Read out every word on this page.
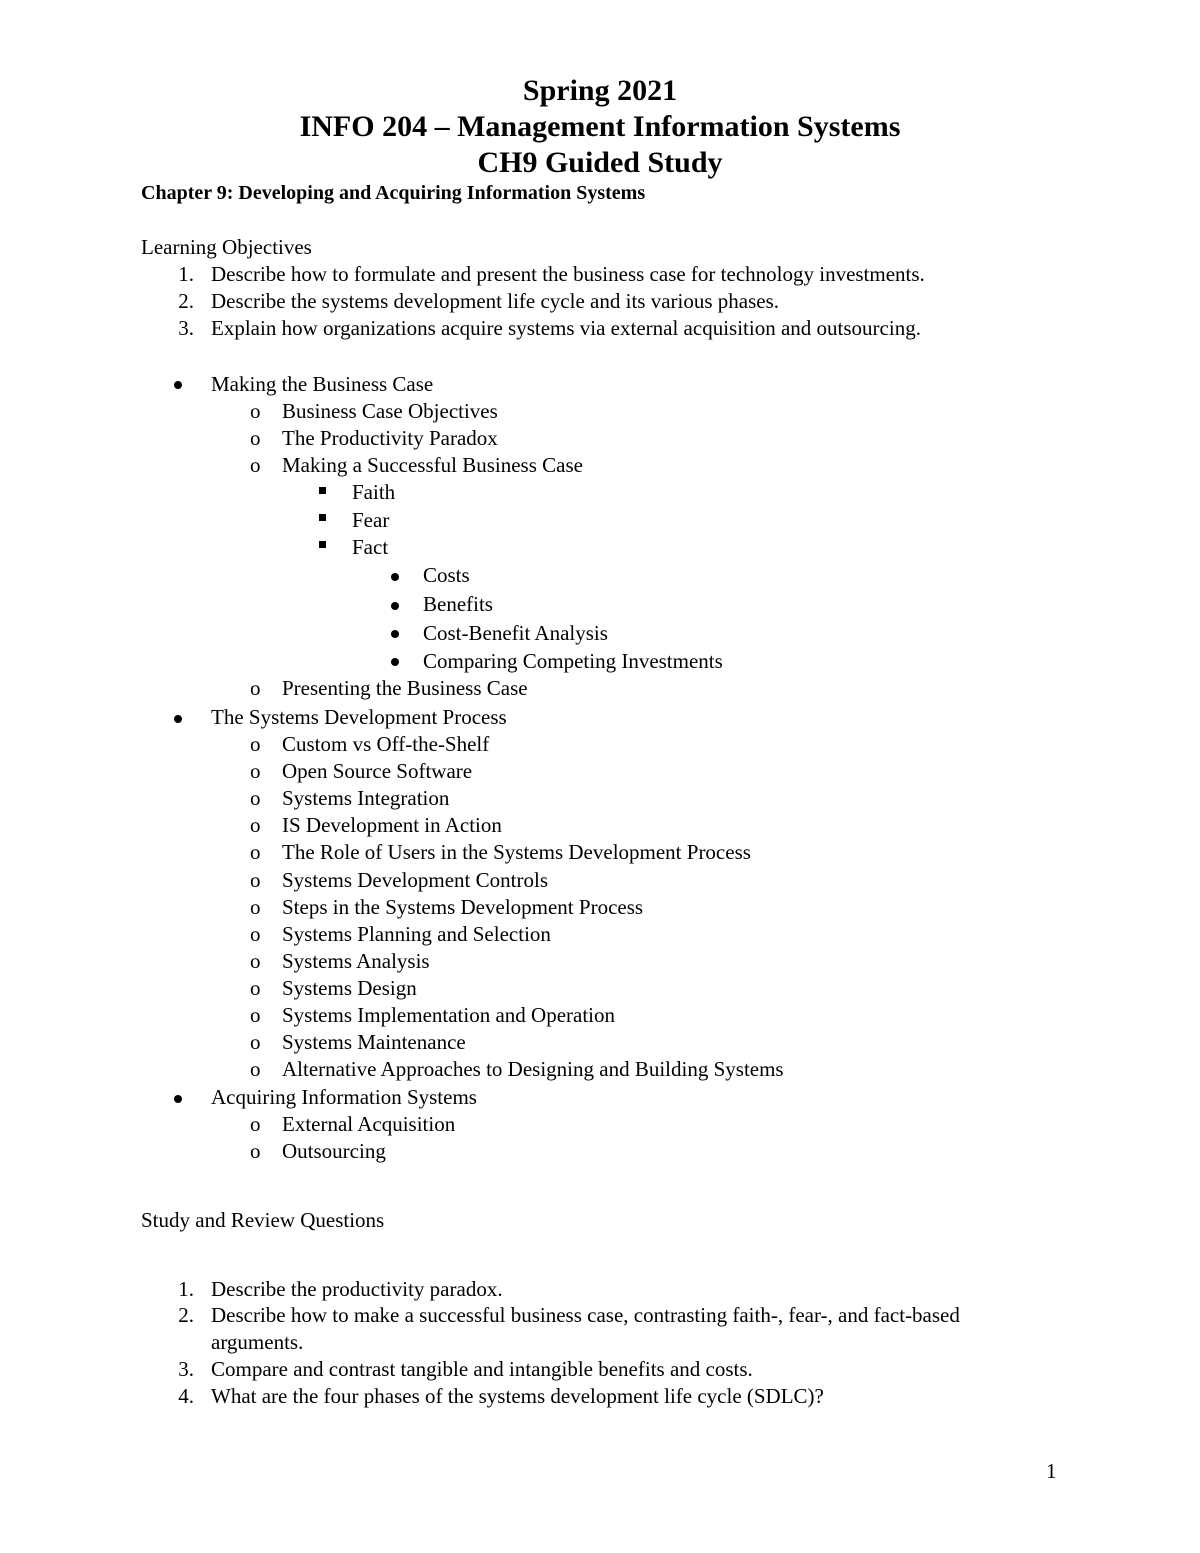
Spring 2021

INFO 204 – Management Information Systems

CH9 Guided Study

Chapter 9: Developing and Acquiring Information Systems

Learning Objectives

1. Describe how to formulate and present the business case for technology investments.

2. Describe the systems development life cycle and its various phases.

3. Explain how organizations acquire systems via external acquisition and outsourcing.

Making the Business Case

o Business Case Objectives

o The Productivity Paradox

o Making a Successful Business Case

Faith

Fear

Fact

Costs

Benefits

Cost-Benefit Analysis

Comparing Competing Investments

o Presenting the Business Case

The Systems Development Process

o Custom vs Off-the-Shelf

o Open Source Software

o Systems Integration

o IS Development in Action

o The Role of Users in the Systems Development Process

o Systems Development Controls

o Steps in the Systems Development Process

o Systems Planning and Selection

o Systems Analysis

o Systems Design

o Systems Implementation and Operation

o Systems Maintenance

o Alternative Approaches to Designing and Building Systems

Acquiring Information Systems

o External Acquisition

o Outsourcing

Study and Review Questions

1. Describe the productivity paradox.

2. Describe how to make a successful business case, contrasting faith-, fear-, and fact-based

arguments.

3. Compare and contrast tangible and intangible benefits and costs.

4. What are the four phases of the systems development life cycle (SDLC)?

1
